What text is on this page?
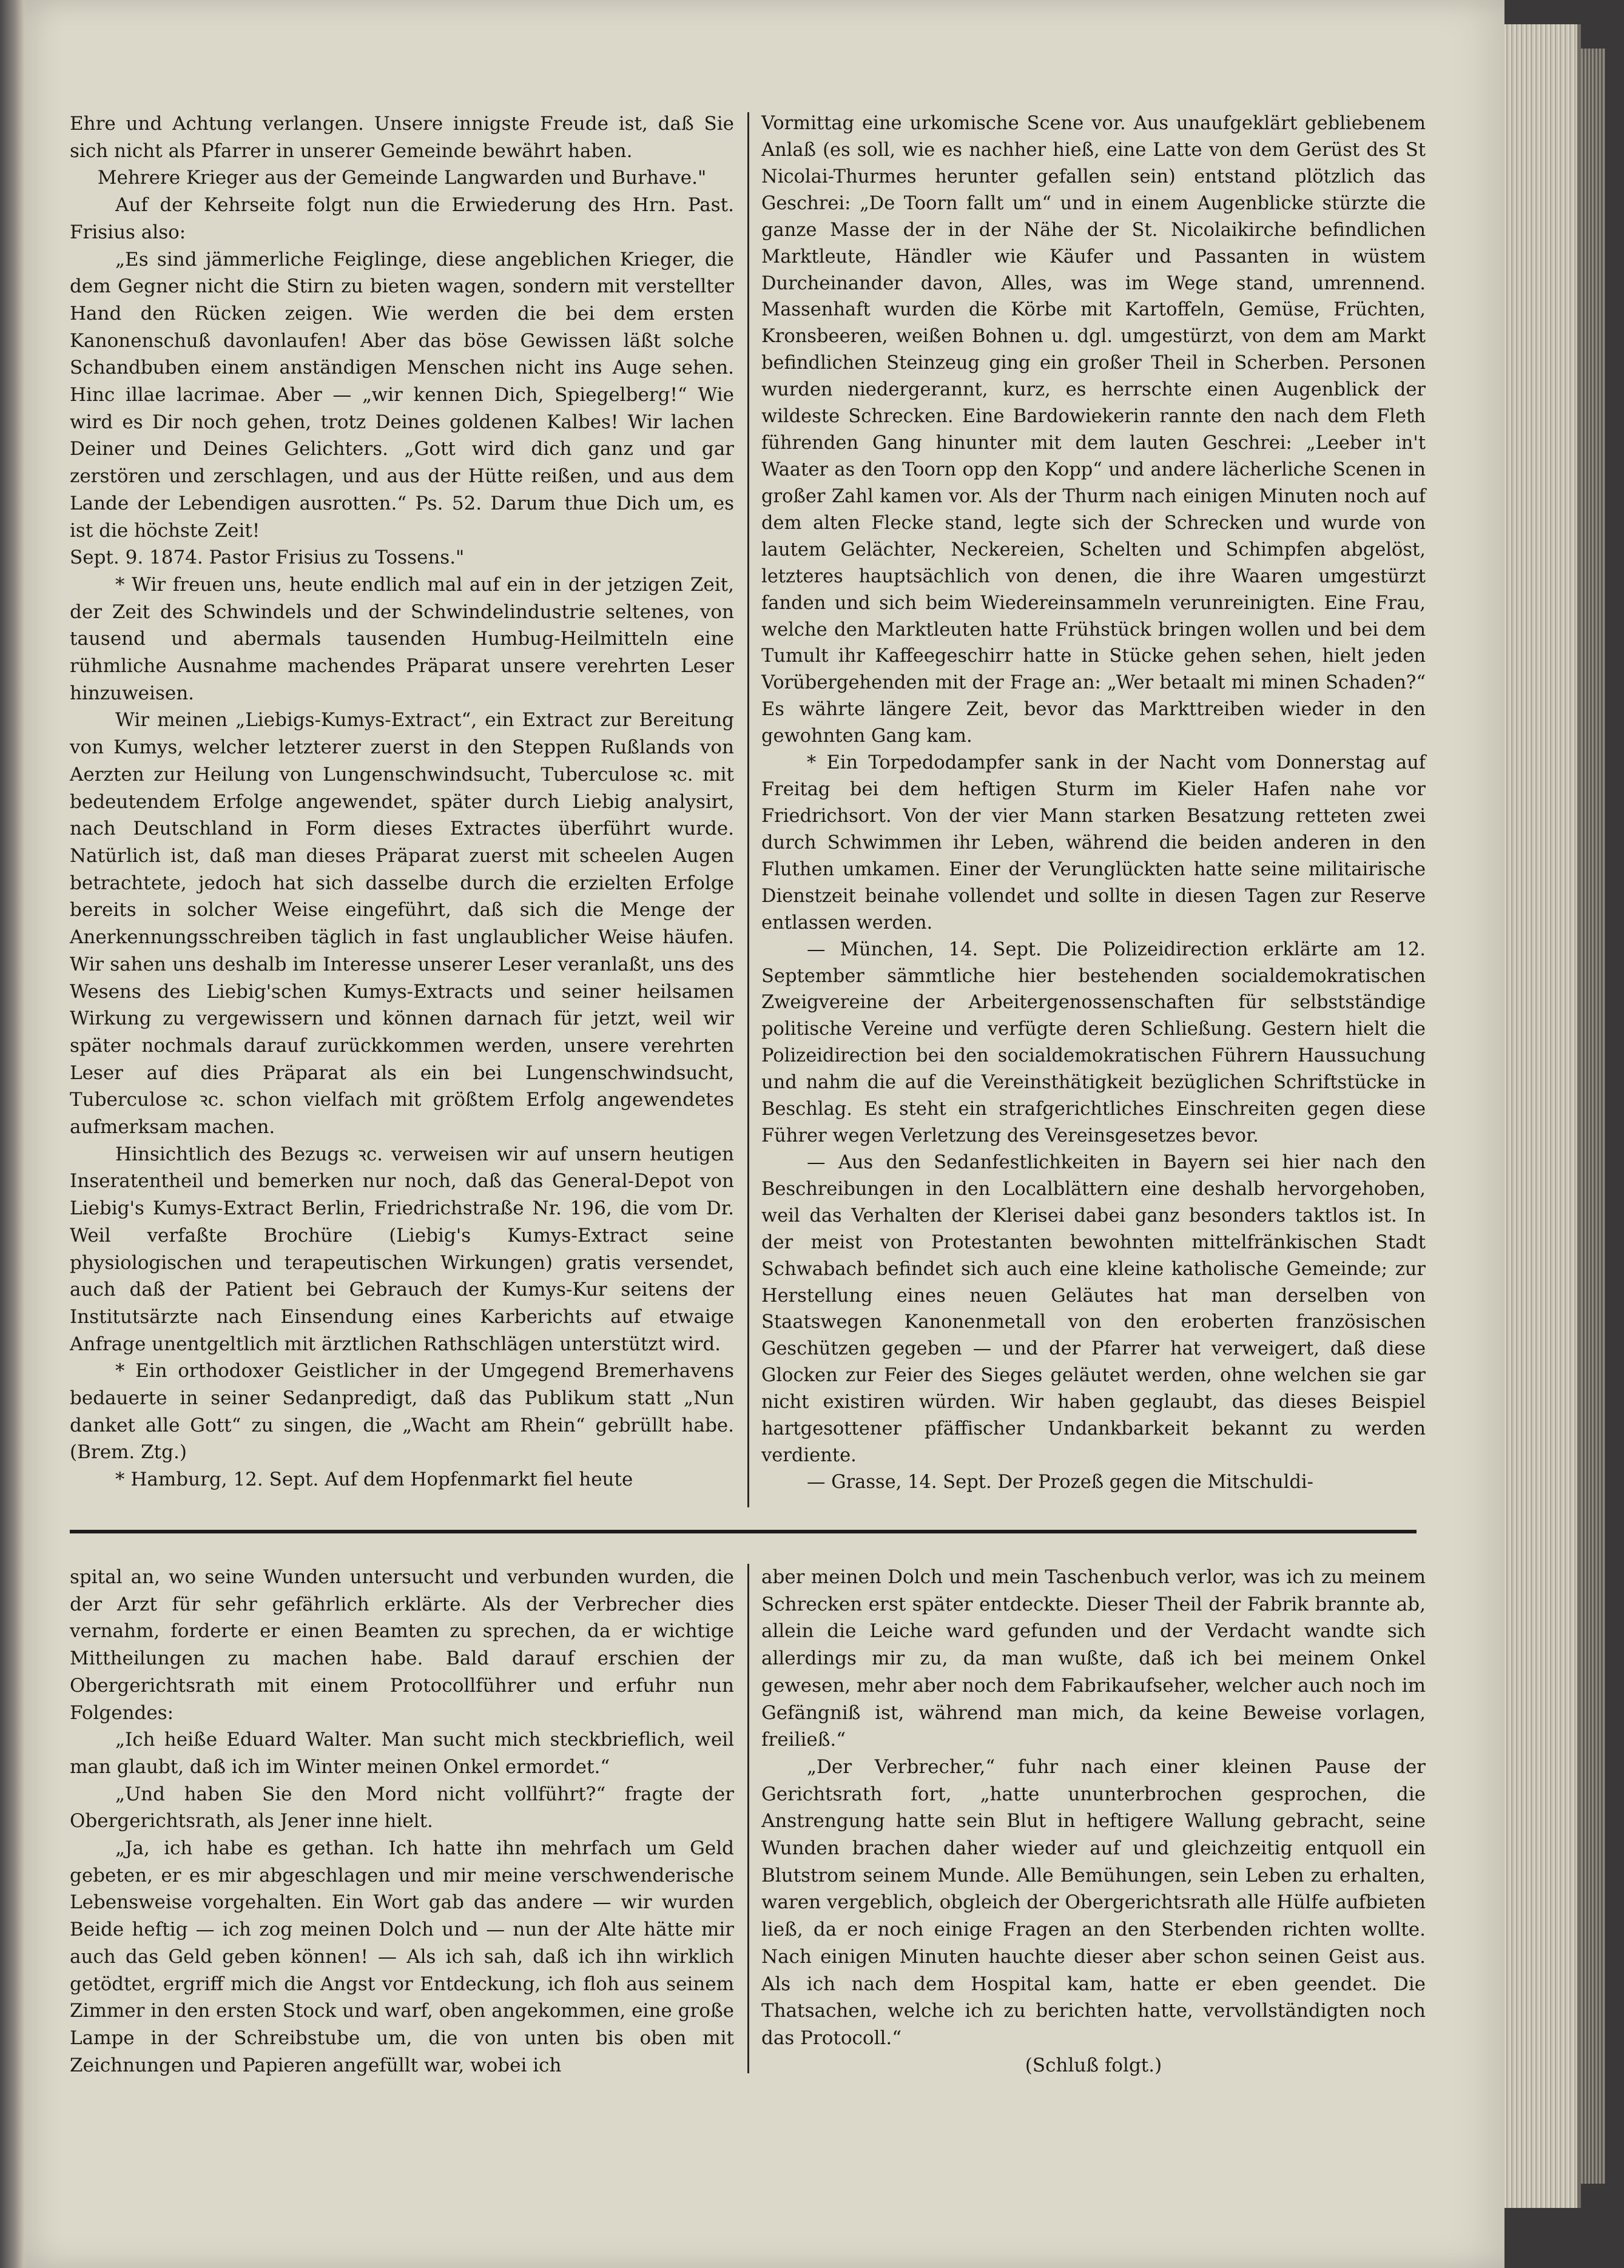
Ehre und Achtung verlangen. Unsere innigste Freude ist, daß Sie sich nicht als Pfarrer in unserer Gemeinde bewährt haben.

Mehrere Krieger aus der Gemeinde Langwarden und Burhave."

Auf der Kehrseite folgt nun die Erwiederung des Hrn. Past. Frisius also:

„Es sind jämmerliche Feiglinge, diese angeblichen Krieger, die dem Gegner nicht die Stirn zu bieten wagen, sondern mit verstellter Hand den Rücken zeigen. Wie werden die bei dem ersten Kanonenschuß davonlaufen! Aber das böse Gewissen läßt solche Schandbuben einem anständigen Menschen nicht ins Auge sehen. Hinc illae lacrimae. Aber — „wir kennen Dich, Spiegelberg!“ Wie wird es Dir noch gehen, trotz Deines goldenen Kalbes! Wir lachen Deiner und Deines Gelichters. „Gott wird dich ganz und gar zerstören und zerschlagen, und aus der Hütte reißen, und aus dem Lande der Lebendigen ausrotten.“ Ps. 52. Darum thue Dich um, es ist die höchste Zeit!

Sept. 9. 1874. Pastor Frisius zu Tossens."

* Wir freuen uns, heute endlich mal auf ein in der jetzigen Zeit, der Zeit des Schwindels und der Schwindelindustrie seltenes, von tausend und abermals tausenden Humbug-Heilmitteln eine rühmliche Ausnahme machendes Präparat unsere verehrten Leser hinzuweisen.

Wir meinen „Liebigs-Kumys-Extract“, ein Extract zur Bereitung von Kumys, welcher letzterer zuerst in den Steppen Rußlands von Aerzten zur Heilung von Lungenschwindsucht, Tuberculose ꝛc. mit bedeutendem Erfolge angewendet, später durch Liebig analysirt, nach Deutschland in Form dieses Extractes überführt wurde. Natürlich ist, daß man dieses Präparat zuerst mit scheelen Augen betrachtete, jedoch hat sich dasselbe durch die erzielten Erfolge bereits in solcher Weise eingeführt, daß sich die Menge der Anerkennungsschreiben täglich in fast unglaublicher Weise häufen. Wir sahen uns deshalb im Interesse unserer Leser veranlaßt, uns des Wesens des Liebig'schen Kumys-Extracts und seiner heilsamen Wirkung zu vergewissern und können darnach für jetzt, weil wir später nochmals darauf zurückkommen werden, unsere verehrten Leser auf dies Präparat als ein bei Lungenschwindsucht, Tuberculose ꝛc. schon vielfach mit größtem Erfolg angewendetes aufmerksam machen.

Hinsichtlich des Bezugs ꝛc. verweisen wir auf unsern heutigen Inseratentheil und bemerken nur noch, daß das General-Depot von Liebig's Kumys-Extract Berlin, Friedrichstraße Nr. 196, die vom Dr. Weil verfaßte Brochüre (Liebig's Kumys-Extract seine physiologischen und terapeutischen Wirkungen) gratis versendet, auch daß der Patient bei Gebrauch der Kumys-Kur seitens der Institutsärzte nach Einsendung eines Karberichts auf etwaige Anfrage unentgeltlich mit ärztlichen Rathschlägen unterstützt wird.

* Ein orthodoxer Geistlicher in der Umgegend Bremerhavens bedauerte in seiner Sedanpredigt, daß das Publikum statt „Nun danket alle Gott“ zu singen, die „Wacht am Rhein“ gebrüllt habe. (Brem. Ztg.)

* Hamburg, 12. Sept. Auf dem Hopfenmarkt fiel heute

Vormittag eine urkomische Scene vor. Aus unaufgeklärt gebliebenem Anlaß (es soll, wie es nachher hieß, eine Latte von dem Gerüst des St Nicolai-Thurmes herunter gefallen sein) entstand plötzlich das Geschrei: „De Toorn fallt um“ und in einem Augenblicke stürzte die ganze Masse der in der Nähe der St. Nicolaikirche befindlichen Marktleute, Händler wie Käufer und Passanten in wüstem Durcheinander davon, Alles, was im Wege stand, umrennend. Massenhaft wurden die Körbe mit Kartoffeln, Gemüse, Früchten, Kronsbeeren, weißen Bohnen u. dgl. umgestürzt, von dem am Markt befindlichen Steinzeug ging ein großer Theil in Scherben. Personen wurden niedergerannt, kurz, es herrschte einen Augenblick der wildeste Schrecken. Eine Bardowiekerin rannte den nach dem Fleth führenden Gang hinunter mit dem lauten Geschrei: „Leeber in't Waater as den Toorn opp den Kopp“ und andere lächerliche Scenen in großer Zahl kamen vor. Als der Thurm nach einigen Minuten noch auf dem alten Flecke stand, legte sich der Schrecken und wurde von lautem Gelächter, Neckereien, Schelten und Schimpfen abgelöst, letzteres hauptsächlich von denen, die ihre Waaren umgestürzt fanden und sich beim Wiedereinsammeln verunreinigten. Eine Frau, welche den Marktleuten hatte Frühstück bringen wollen und bei dem Tumult ihr Kaffeegeschirr hatte in Stücke gehen sehen, hielt jeden Vorübergehenden mit der Frage an: „Wer betaalt mi minen Schaden?“ Es währte längere Zeit, bevor das Markttreiben wieder in den gewohnten Gang kam.

* Ein Torpedodampfer sank in der Nacht vom Donnerstag auf Freitag bei dem heftigen Sturm im Kieler Hafen nahe vor Friedrichsort. Von der vier Mann starken Besatzung retteten zwei durch Schwimmen ihr Leben, während die beiden anderen in den Fluthen umkamen. Einer der Verunglückten hatte seine militairische Dienstzeit beinahe vollendet und sollte in diesen Tagen zur Reserve entlassen werden.

— München, 14. Sept. Die Polizeidirection erklärte am 12. September sämmtliche hier bestehenden socialdemokratischen Zweigvereine der Arbeitergenossenschaften für selbstständige politische Vereine und verfügte deren Schließung. Gestern hielt die Polizeidirection bei den socialdemokratischen Führern Haussuchung und nahm die auf die Vereinsthätigkeit bezüglichen Schriftstücke in Beschlag. Es steht ein strafgerichtliches Einschreiten gegen diese Führer wegen Verletzung des Vereinsgesetzes bevor.

— Aus den Sedanfestlichkeiten in Bayern sei hier nach den Beschreibungen in den Localblättern eine deshalb hervorgehoben, weil das Verhalten der Klerisei dabei ganz besonders taktlos ist. In der meist von Protestanten bewohnten mittelfränkischen Stadt Schwabach befindet sich auch eine kleine katholische Gemeinde; zur Herstellung eines neuen Geläutes hat man derselben von Staatswegen Kanonenmetall von den eroberten französischen Geschützen gegeben — und der Pfarrer hat verweigert, daß diese Glocken zur Feier des Sieges geläutet werden, ohne welchen sie gar nicht existiren würden. Wir haben geglaubt, das dieses Beispiel hartgesottener pfäffischer Undankbarkeit bekannt zu werden verdiente.

— Grasse, 14. Sept. Der Prozeß gegen die Mitschuldi-

spital an, wo seine Wunden untersucht und verbunden wurden, die der Arzt für sehr gefährlich erklärte. Als der Verbrecher dies vernahm, forderte er einen Beamten zu sprechen, da er wichtige Mittheilungen zu machen habe. Bald darauf erschien der Obergerichtsrath mit einem Protocollführer und erfuhr nun Folgendes:

„Ich heiße Eduard Walter. Man sucht mich steckbrieflich, weil man glaubt, daß ich im Winter meinen Onkel ermordet.“

„Und haben Sie den Mord nicht vollführt?“ fragte der Obergerichtsrath, als Jener inne hielt.

„Ja, ich habe es gethan. Ich hatte ihn mehrfach um Geld gebeten, er es mir abgeschlagen und mir meine verschwenderische Lebensweise vorgehalten. Ein Wort gab das andere — wir wurden Beide heftig — ich zog meinen Dolch und — nun der Alte hätte mir auch das Geld geben können! — Als ich sah, daß ich ihn wirklich getödtet, ergriff mich die Angst vor Entdeckung, ich floh aus seinem Zimmer in den ersten Stock und warf, oben angekommen, eine große Lampe in der Schreibstube um, die von unten bis oben mit Zeichnungen und Papieren angefüllt war, wobei ich

aber meinen Dolch und mein Taschenbuch verlor, was ich zu meinem Schrecken erst später entdeckte. Dieser Theil der Fabrik brannte ab, allein die Leiche ward gefunden und der Verdacht wandte sich allerdings mir zu, da man wußte, daß ich bei meinem Onkel gewesen, mehr aber noch dem Fabrikaufseher, welcher auch noch im Gefängniß ist, während man mich, da keine Beweise vorlagen, freiließ.“

„Der Verbrecher,“ fuhr nach einer kleinen Pause der Gerichtsrath fort, „hatte ununterbrochen gesprochen, die Anstrengung hatte sein Blut in heftigere Wallung gebracht, seine Wunden brachen daher wieder auf und gleichzeitig entquoll ein Blutstrom seinem Munde. Alle Bemühungen, sein Leben zu erhalten, waren vergeblich, obgleich der Obergerichtsrath alle Hülfe aufbieten ließ, da er noch einige Fragen an den Sterbenden richten wollte. Nach einigen Minuten hauchte dieser aber schon seinen Geist aus. Als ich nach dem Hospital kam, hatte er eben geendet. Die Thatsachen, welche ich zu berichten hatte, vervollständigten noch das Protocoll.“

(Schluß folgt.)
